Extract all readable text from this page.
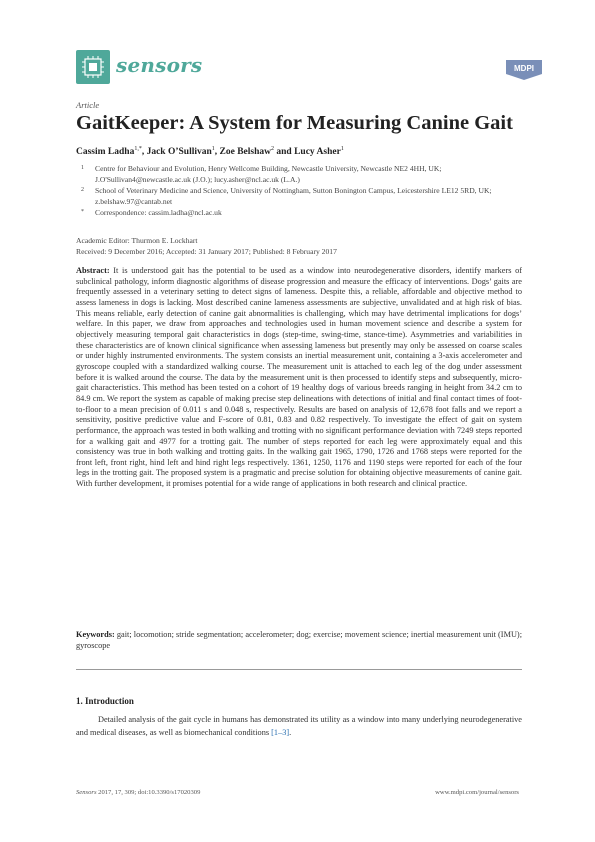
sensors	MDPI
Article
GaitKeeper: A System for Measuring Canine Gait
Cassim Ladha$^{1,*}$, Jack O’Sullivan$^1$, Zoe Belshaw$^2$ and Lucy Asher$^1$
1 Centre for Behaviour and Evolution, Henry Wellcome Building, Newcastle University, Newcastle NE2 4HH, UK; J.O'Sullivan4@newcastle.ac.uk (J.O.); lucy.asher@ncl.ac.uk (L.A.)
2 School of Veterinary Medicine and Science, University of Nottingham, Sutton Bonington Campus, Leicestershire LE12 5RD, UK; z.belshaw.97@cantab.net
* Correspondence: cassim.ladha@ncl.ac.uk
Academic Editor: Thurmon E. Lockhart
Received: 9 December 2016; Accepted: 31 January 2017; Published: 8 February 2017
Abstract: It is understood gait has the potential to be used as a window into neurodegenerative disorders, identify markers of subclinical pathology, inform diagnostic algorithms of disease progression and measure the efficacy of interventions. Dogs’ gaits are frequently assessed in a veterinary setting to detect signs of lameness. Despite this, a reliable, affordable and objective method to assess lameness in dogs is lacking. Most described canine lameness assessments are subjective, unvalidated and at high risk of bias. This means reliable, early detection of canine gait abnormalities is challenging, which may have detrimental implications for dogs’ welfare. In this paper, we draw from approaches and technologies used in human movement science and describe a system for objectively measuring temporal gait characteristics in dogs (step-time, swing-time, stance-time). Asymmetries and variabilities in these characteristics are of known clinical significance when assessing lameness but presently may only be assessed on coarse scales or under highly instrumented environments. The system consists an inertial measurement unit, containing a 3-axis accelerometer and gyroscope coupled with a standardized walking course. The measurement unit is attached to each leg of the dog under assessment before it is walked around the course. The data by the measurement unit is then processed to identify steps and subsequently, micro-gait characteristics. This method has been tested on a cohort of 19 healthy dogs of various breeds ranging in height from 34.2 cm to 84.9 cm. We report the system as capable of making precise step delineations with detections of initial and final contact times of foot-to-floor to a mean precision of 0.011 s and 0.048 s, respectively. Results are based on analysis of 12,678 foot falls and we report a sensitivity, positive predictive value and F-score of 0.81, 0.83 and 0.82 respectively. To investigate the effect of gait on system performance, the approach was tested in both walking and trotting with no significant performance deviation with 7249 steps reported for a walking gait and 4977 for a trotting gait. The number of steps reported for each leg were approximately equal and this consistency was true in both walking and trotting gaits. In the walking gait 1965, 1790, 1726 and 1768 steps were reported for the front left, front right, hind left and hind right legs respectively. 1361, 1250, 1176 and 1190 steps were reported for each of the four legs in the trotting gait. The proposed system is a pragmatic and precise solution for obtaining objective measurements of canine gait. With further development, it promises potential for a wide range of applications in both research and clinical practice.
Keywords: gait; locomotion; stride segmentation; accelerometer; dog; exercise; movement science; inertial measurement unit (IMU); gyroscope
1. Introduction
Detailed analysis of the gait cycle in humans has demonstrated its utility as a window into many underlying neurodegenerative and medical diseases, as well as biomechanical conditions [1–3].
Sensors 2017, 17, 309; doi:10.3390/s17020309	www.mdpi.com/journal/sensors
